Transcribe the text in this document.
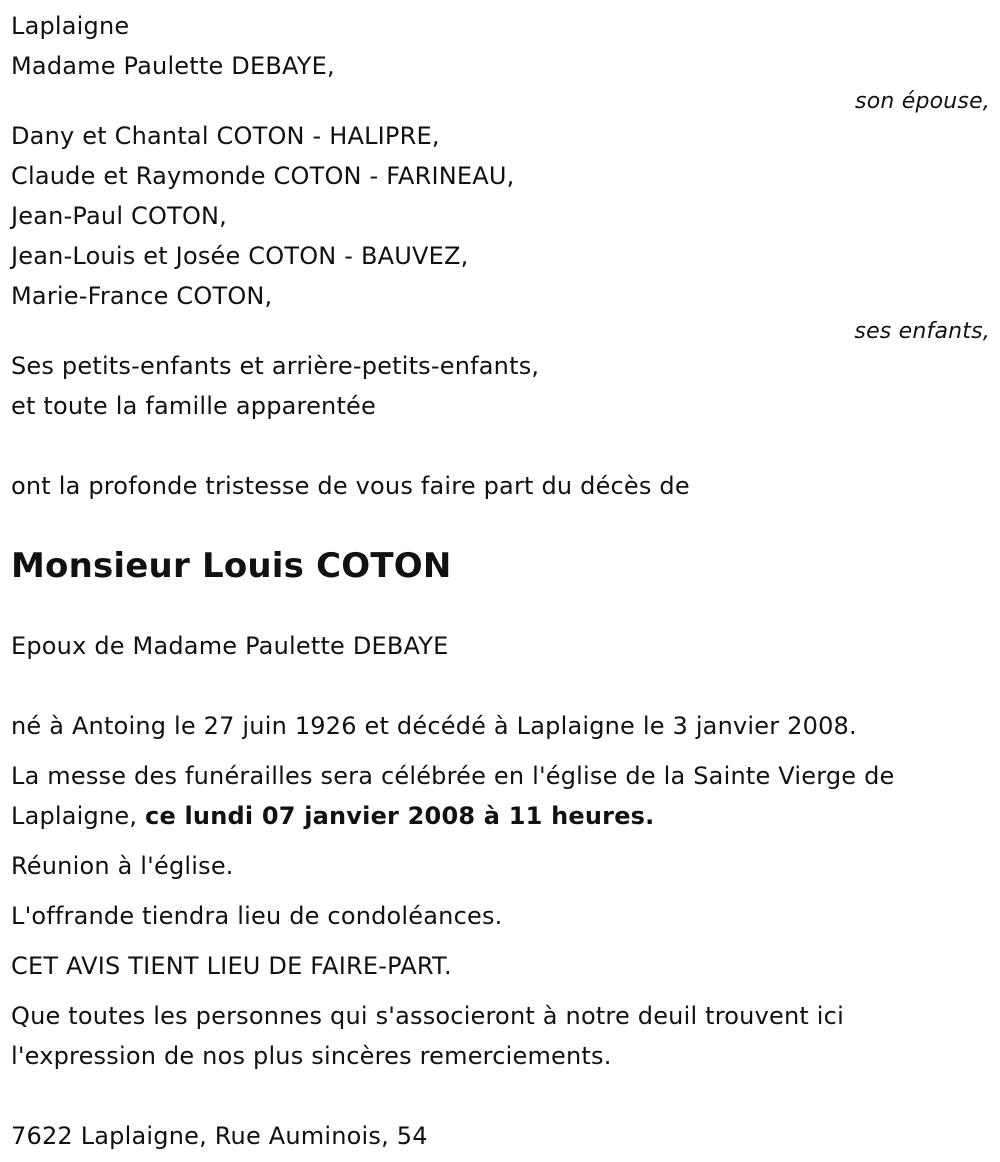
Laplaigne
Madame Paulette DEBAYE,
son épouse,
Dany et Chantal COTON - HALIPRE,
Claude et Raymonde COTON - FARINEAU,
Jean-Paul COTON,
Jean-Louis et Josée COTON - BAUVEZ,
Marie-France COTON,
ses enfants,
Ses petits-enfants et arrière-petits-enfants,
et toute la famille apparentée
ont la profonde tristesse de vous faire part du décès de
Monsieur Louis COTON
Epoux de Madame Paulette DEBAYE
né à Antoing le 27 juin 1926 et décédé à Laplaigne le 3 janvier 2008.
La messe des funérailles sera célébrée en l'église de la Sainte Vierge de Laplaigne, ce lundi 07 janvier 2008 à 11 heures.
Réunion à l'église.
L'offrande tiendra lieu de condoléances.
CET AVIS TIENT LIEU DE FAIRE-PART.
Que toutes les personnes qui s'associeront à notre deuil trouvent ici l'expression de nos plus sincères remerciements.
7622 Laplaigne, Rue Auminois, 54
